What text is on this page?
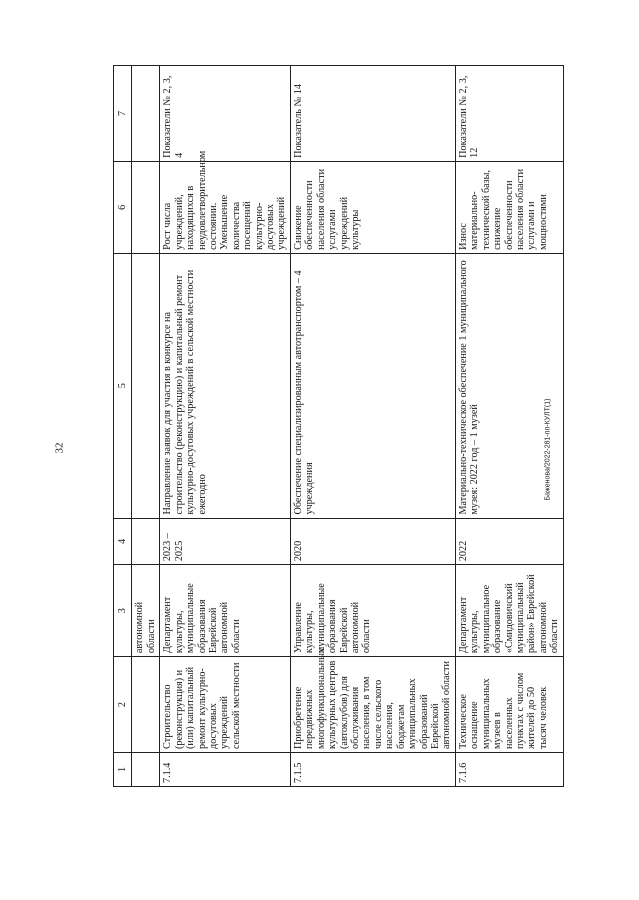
32	Баженова/2022-281-пп-КУЛТ(1)
1	2	3	4	5	6	7
		автономной области				
7.1.4	Строительство (реконструкция) и (или) капитальный ремонт культурно-досуговых учреждений сельской местности	Департамент культуры, муниципальные образования Еврейской автономной области	2023 – 2025	Направление заявок для участия в конкурсе на строительство (реконструкцию) и капитальный ремонт культурно-досуговых учреждений в сельской местности ежегодно	Рост числа учреждений, находящихся в неудовлетворительном состоянии. Уменьшение количества посещений культурно-досуговых учреждений	Показатели № 2, 3, 4
7.1.5	Приобретение передвижных многофункциональных культурных центров (автоклубов) для обслуживания населения, в том числе сельского населения, бюджетам муниципальных образований Еврейской автономной области	Управление культуры, муниципальные образования Еврейской автономной области	2020	Обеспечение специализированным автотранспортом – 4 учреждения	Снижение обеспеченности населения области услугами учреждений культуры	Показатель № 14
7.1.6	Техническое оснащение муниципальных музеев в населенных пунктах с числом жителей до 50 тысяч человек	Департамент культуры, муниципальное образование «Смидовичский муниципальный район» Еврейской автономной области	2022	Материально-техническое обеспечение 1 муниципального музея: 2022 год – 1 музей	Износ материально-технической базы, снижение обеспеченности населения области услугами и мощностями	Показатели № 2, 3, 12
